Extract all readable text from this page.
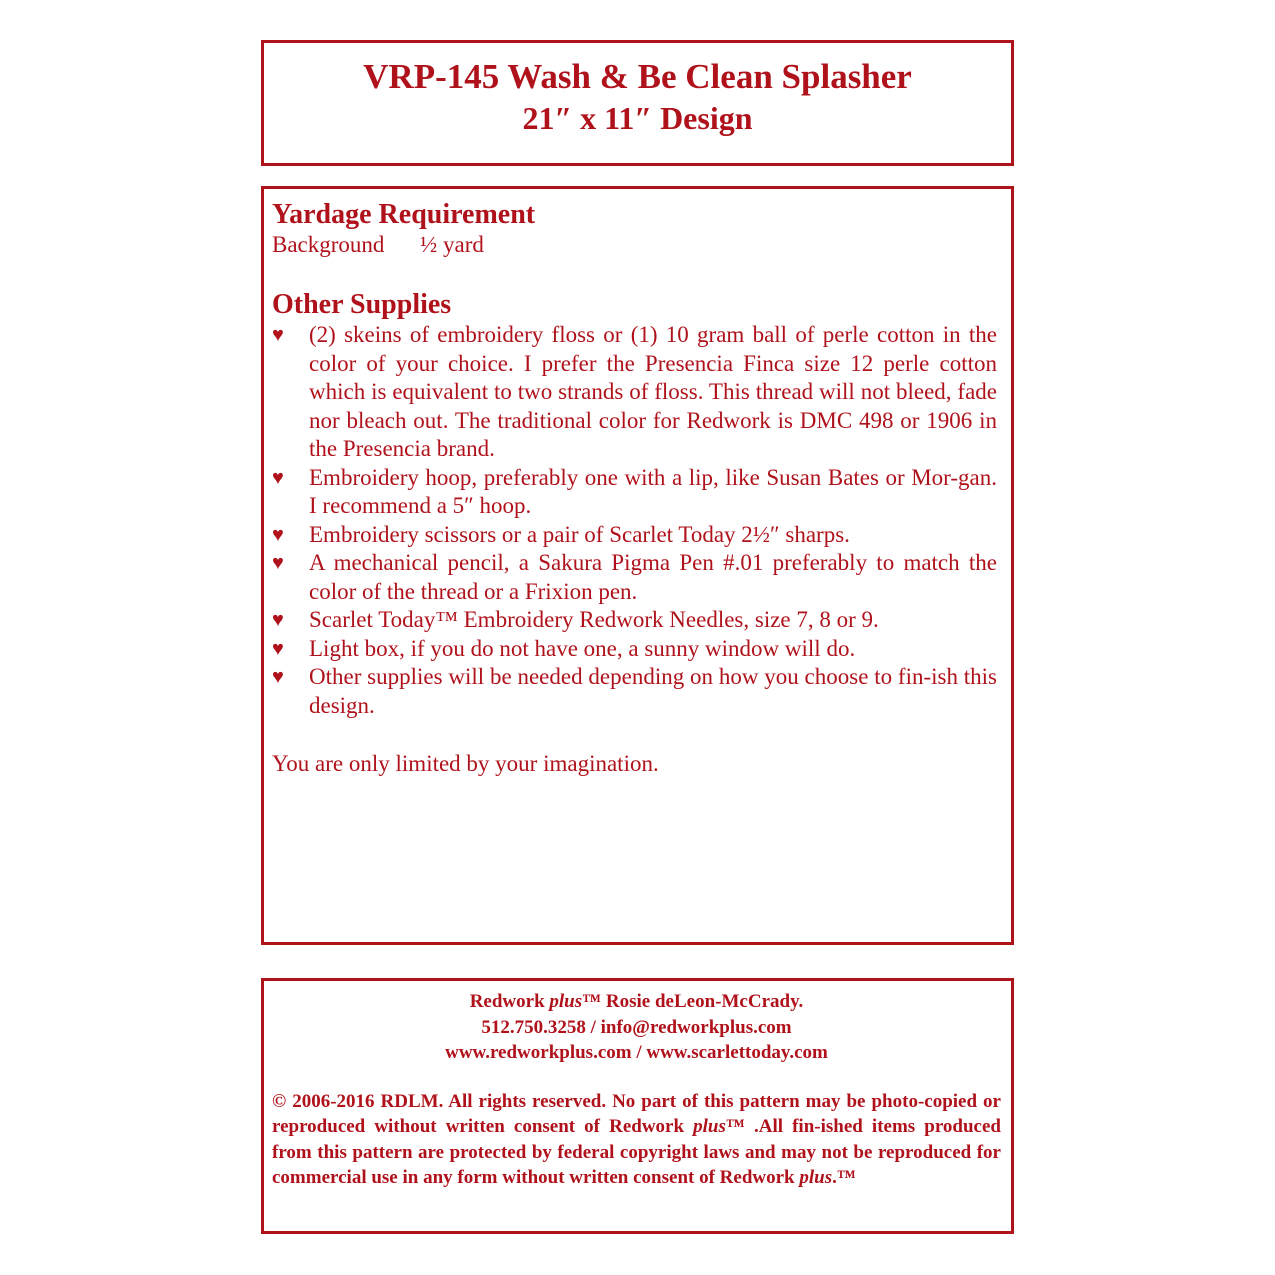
VRP-145 Wash & Be Clean Splasher
21″ x 11″ Design
Yardage Requirement

Background ½ yard

Other Supplies
♥ (2) skeins of embroidery floss or (1) 10 gram ball of perle cotton in the color of your choice. I prefer the Presencia Finca size 12 perle cotton which is equivalent to two strands of floss. This thread will not bleed, fade nor bleach out. The traditional color for Redwork is DMC 498 or 1906 in the Presencia brand.
♥ Embroidery hoop, preferably one with a lip, like Susan Bates or Mor-gan. I recommend a 5″ hoop.
♥ Embroidery scissors or a pair of Scarlet Today 2½″ sharps.
♥ A mechanical pencil, a Sakura Pigma Pen #.01 preferably to match the color of the thread or a Frixion pen.
♥ Scarlet Today™ Embroidery Redwork Needles, size 7, 8 or 9.
♥ Light box, if you do not have one, a sunny window will do.
♥ Other supplies will be needed depending on how you choose to fin-ish this design.
You are only limited by your imagination.
Redwork plus™ Rosie deLeon-McCrady.
512.750.3258 / info@redworkplus.com
www.redworkplus.com / www.scarlettoday.com
© 2006-2016 RDLM. All rights reserved. No part of this pattern may be photo-copied or reproduced without written consent of Redwork plus™ .All fin-ished items produced from this pattern are protected by federal copyright laws and may not be reproduced for commercial use in any form without written consent of Redwork plus.™
